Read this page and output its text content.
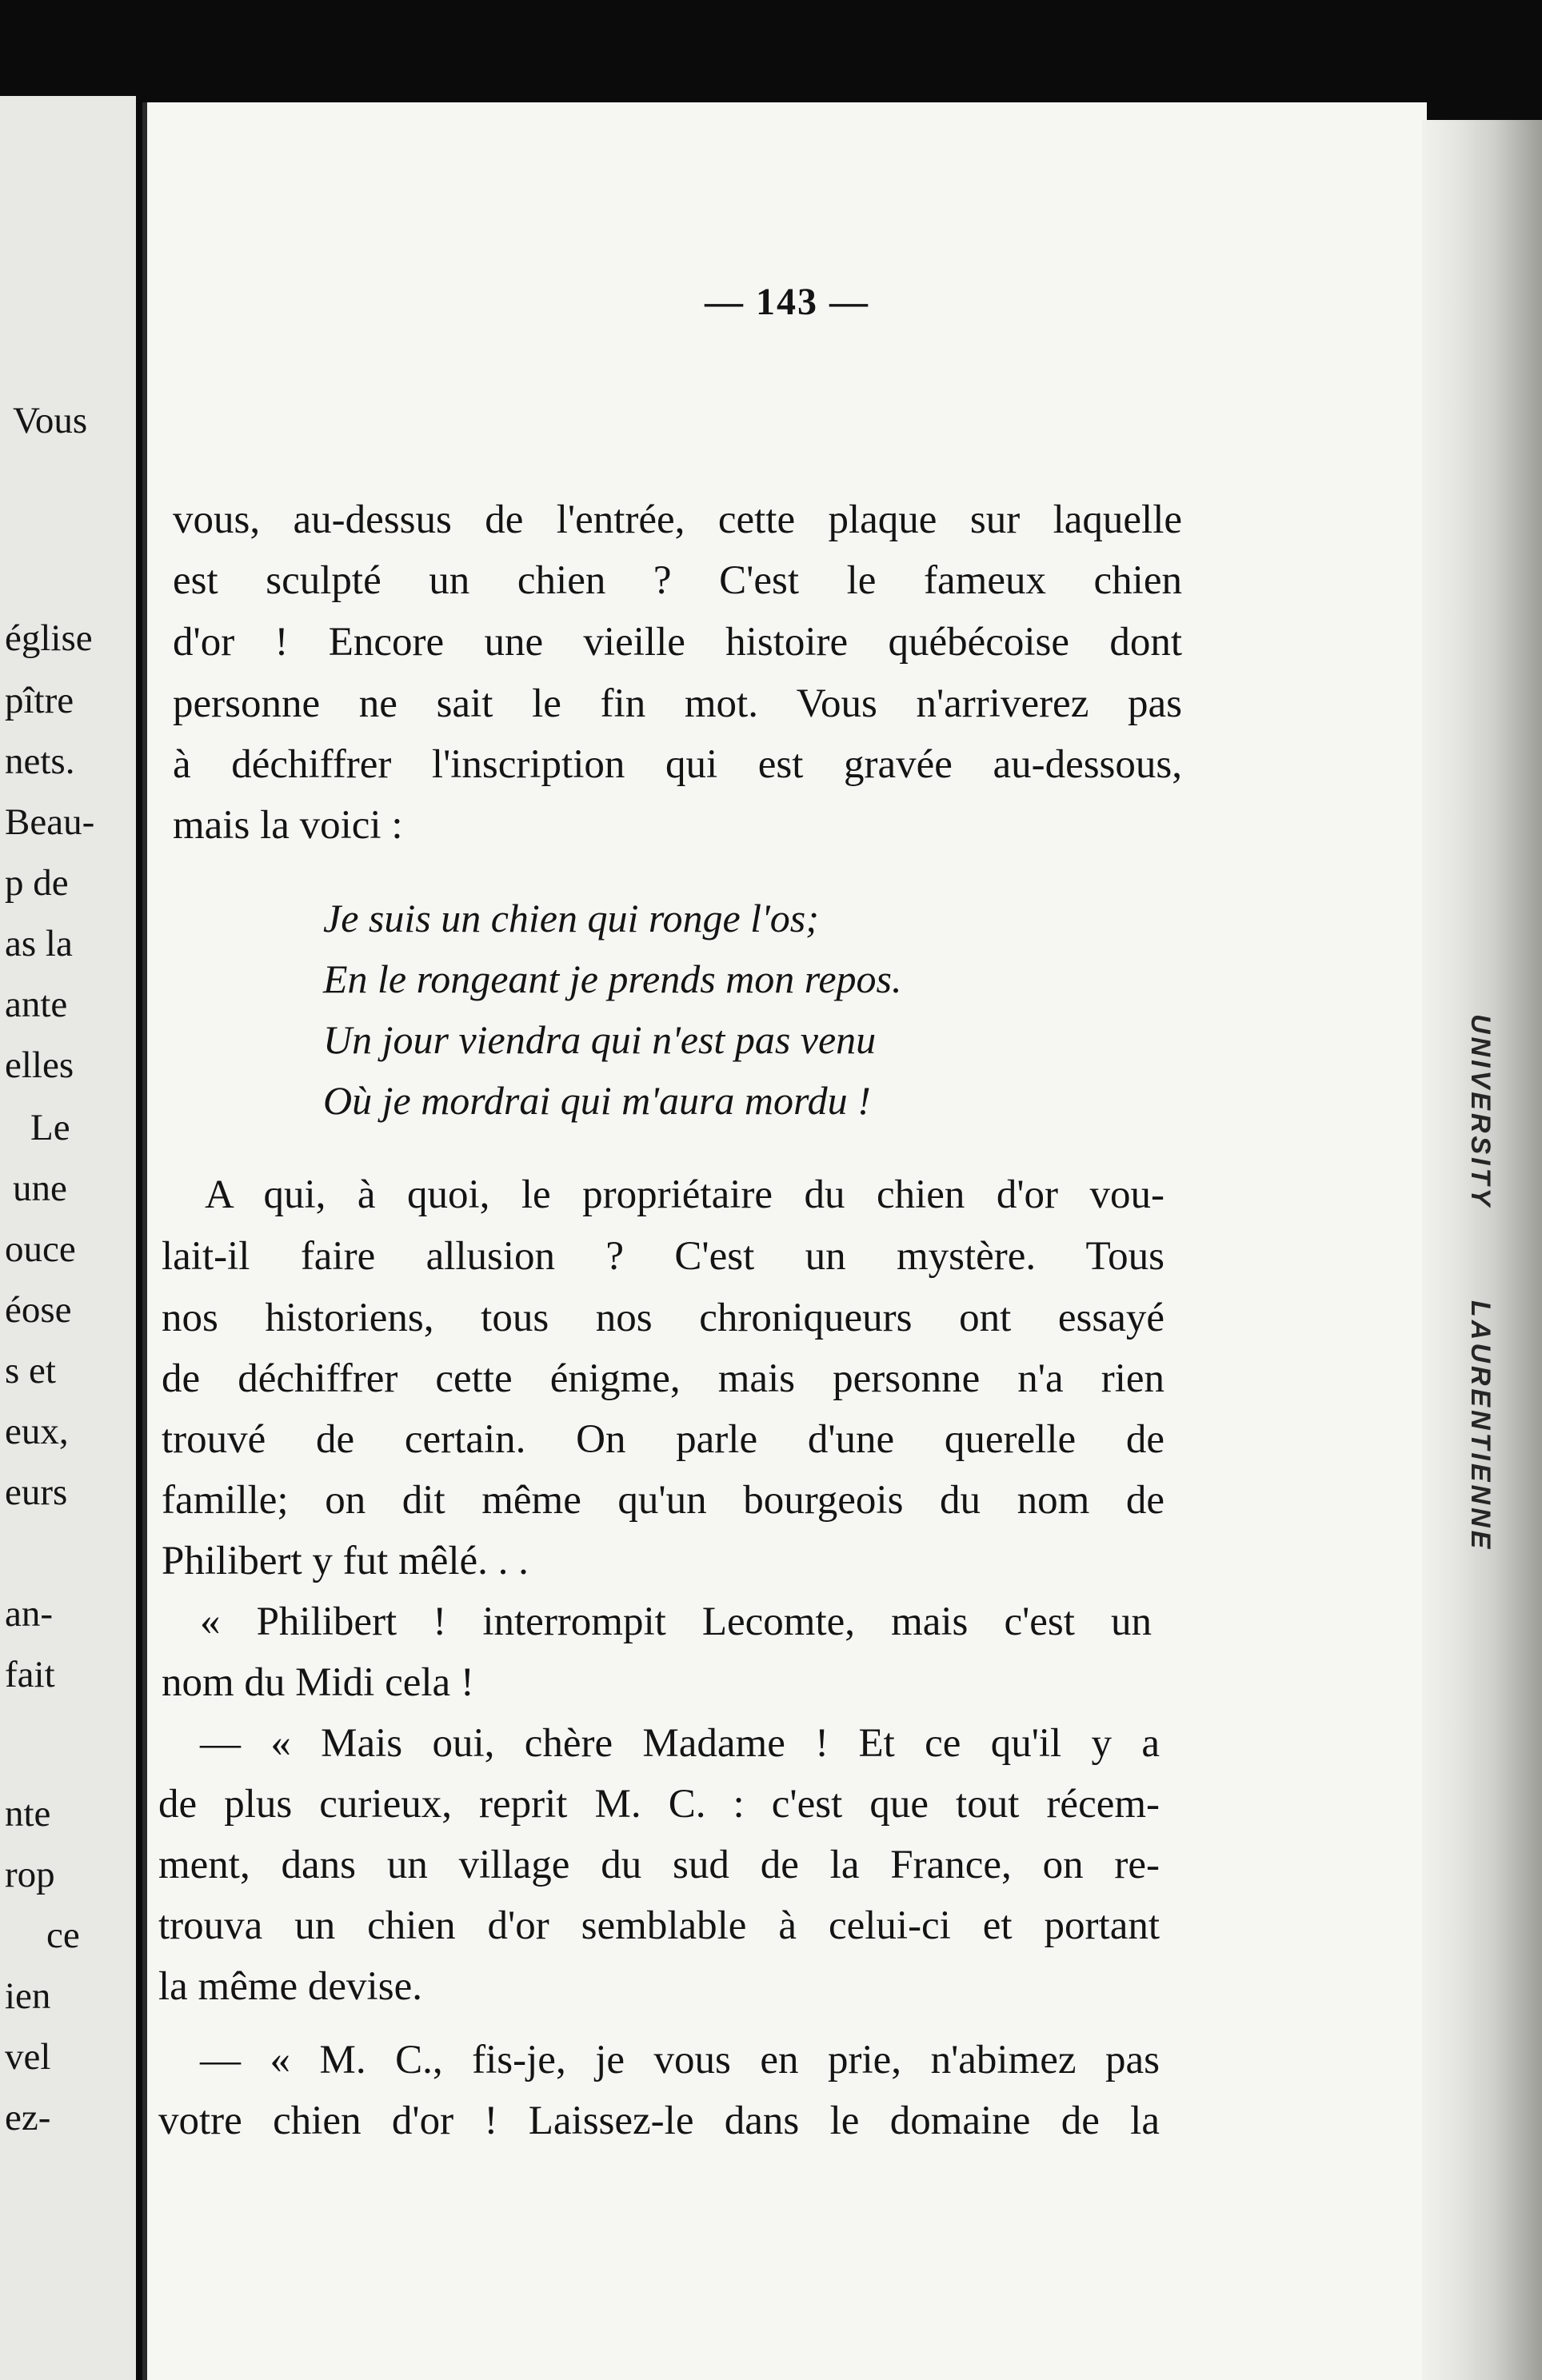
Vous
église
pître
nets.
Beau-
p de
as la
ante
elles
Le
une
ouce
éose
s et
eux,
eurs
an-
fait
nte
rop
ce
ien
vel
ez-
— 143 —
vous, au-dessus de l'entrée, cette plaque sur laquelle
est sculpté un chien ? C'est le fameux chien
d'or ! Encore une vieille histoire québécoise dont
personne ne sait le fin mot. Vous n'arriverez pas
à déchiffrer l'inscription qui est gravée au-dessous,
mais la voici :
Je suis un chien qui ronge l'os;
En le rongeant je prends mon repos.
Un jour viendra qui n'est pas venu
Où je mordrai qui m'aura mordu !
A qui, à quoi, le propriétaire du chien d'or vou-
lait-il faire allusion ? C'est un mystère. Tous
nos historiens, tous nos chroniqueurs ont essayé
de déchiffrer cette énigme, mais personne n'a rien
trouvé de certain. On parle d'une querelle de
famille; on dit même qu'un bourgeois du nom de
Philibert y fut mêlé. . .
« Philibert ! interrompit Lecomte, mais c'est un
nom du Midi cela !
— « Mais oui, chère Madame ! Et ce qu'il y a
de plus curieux, reprit M. C. : c'est que tout récem-
ment, dans un village du sud de la France, on re-
trouva un chien d'or semblable à celui-ci et portant
la même devise.
— « M. C., fis-je, je vous en prie, n'abimez pas
votre chien d'or ! Laissez-le dans le domaine de la
UNIVERSITY
LAURENTIENNE
